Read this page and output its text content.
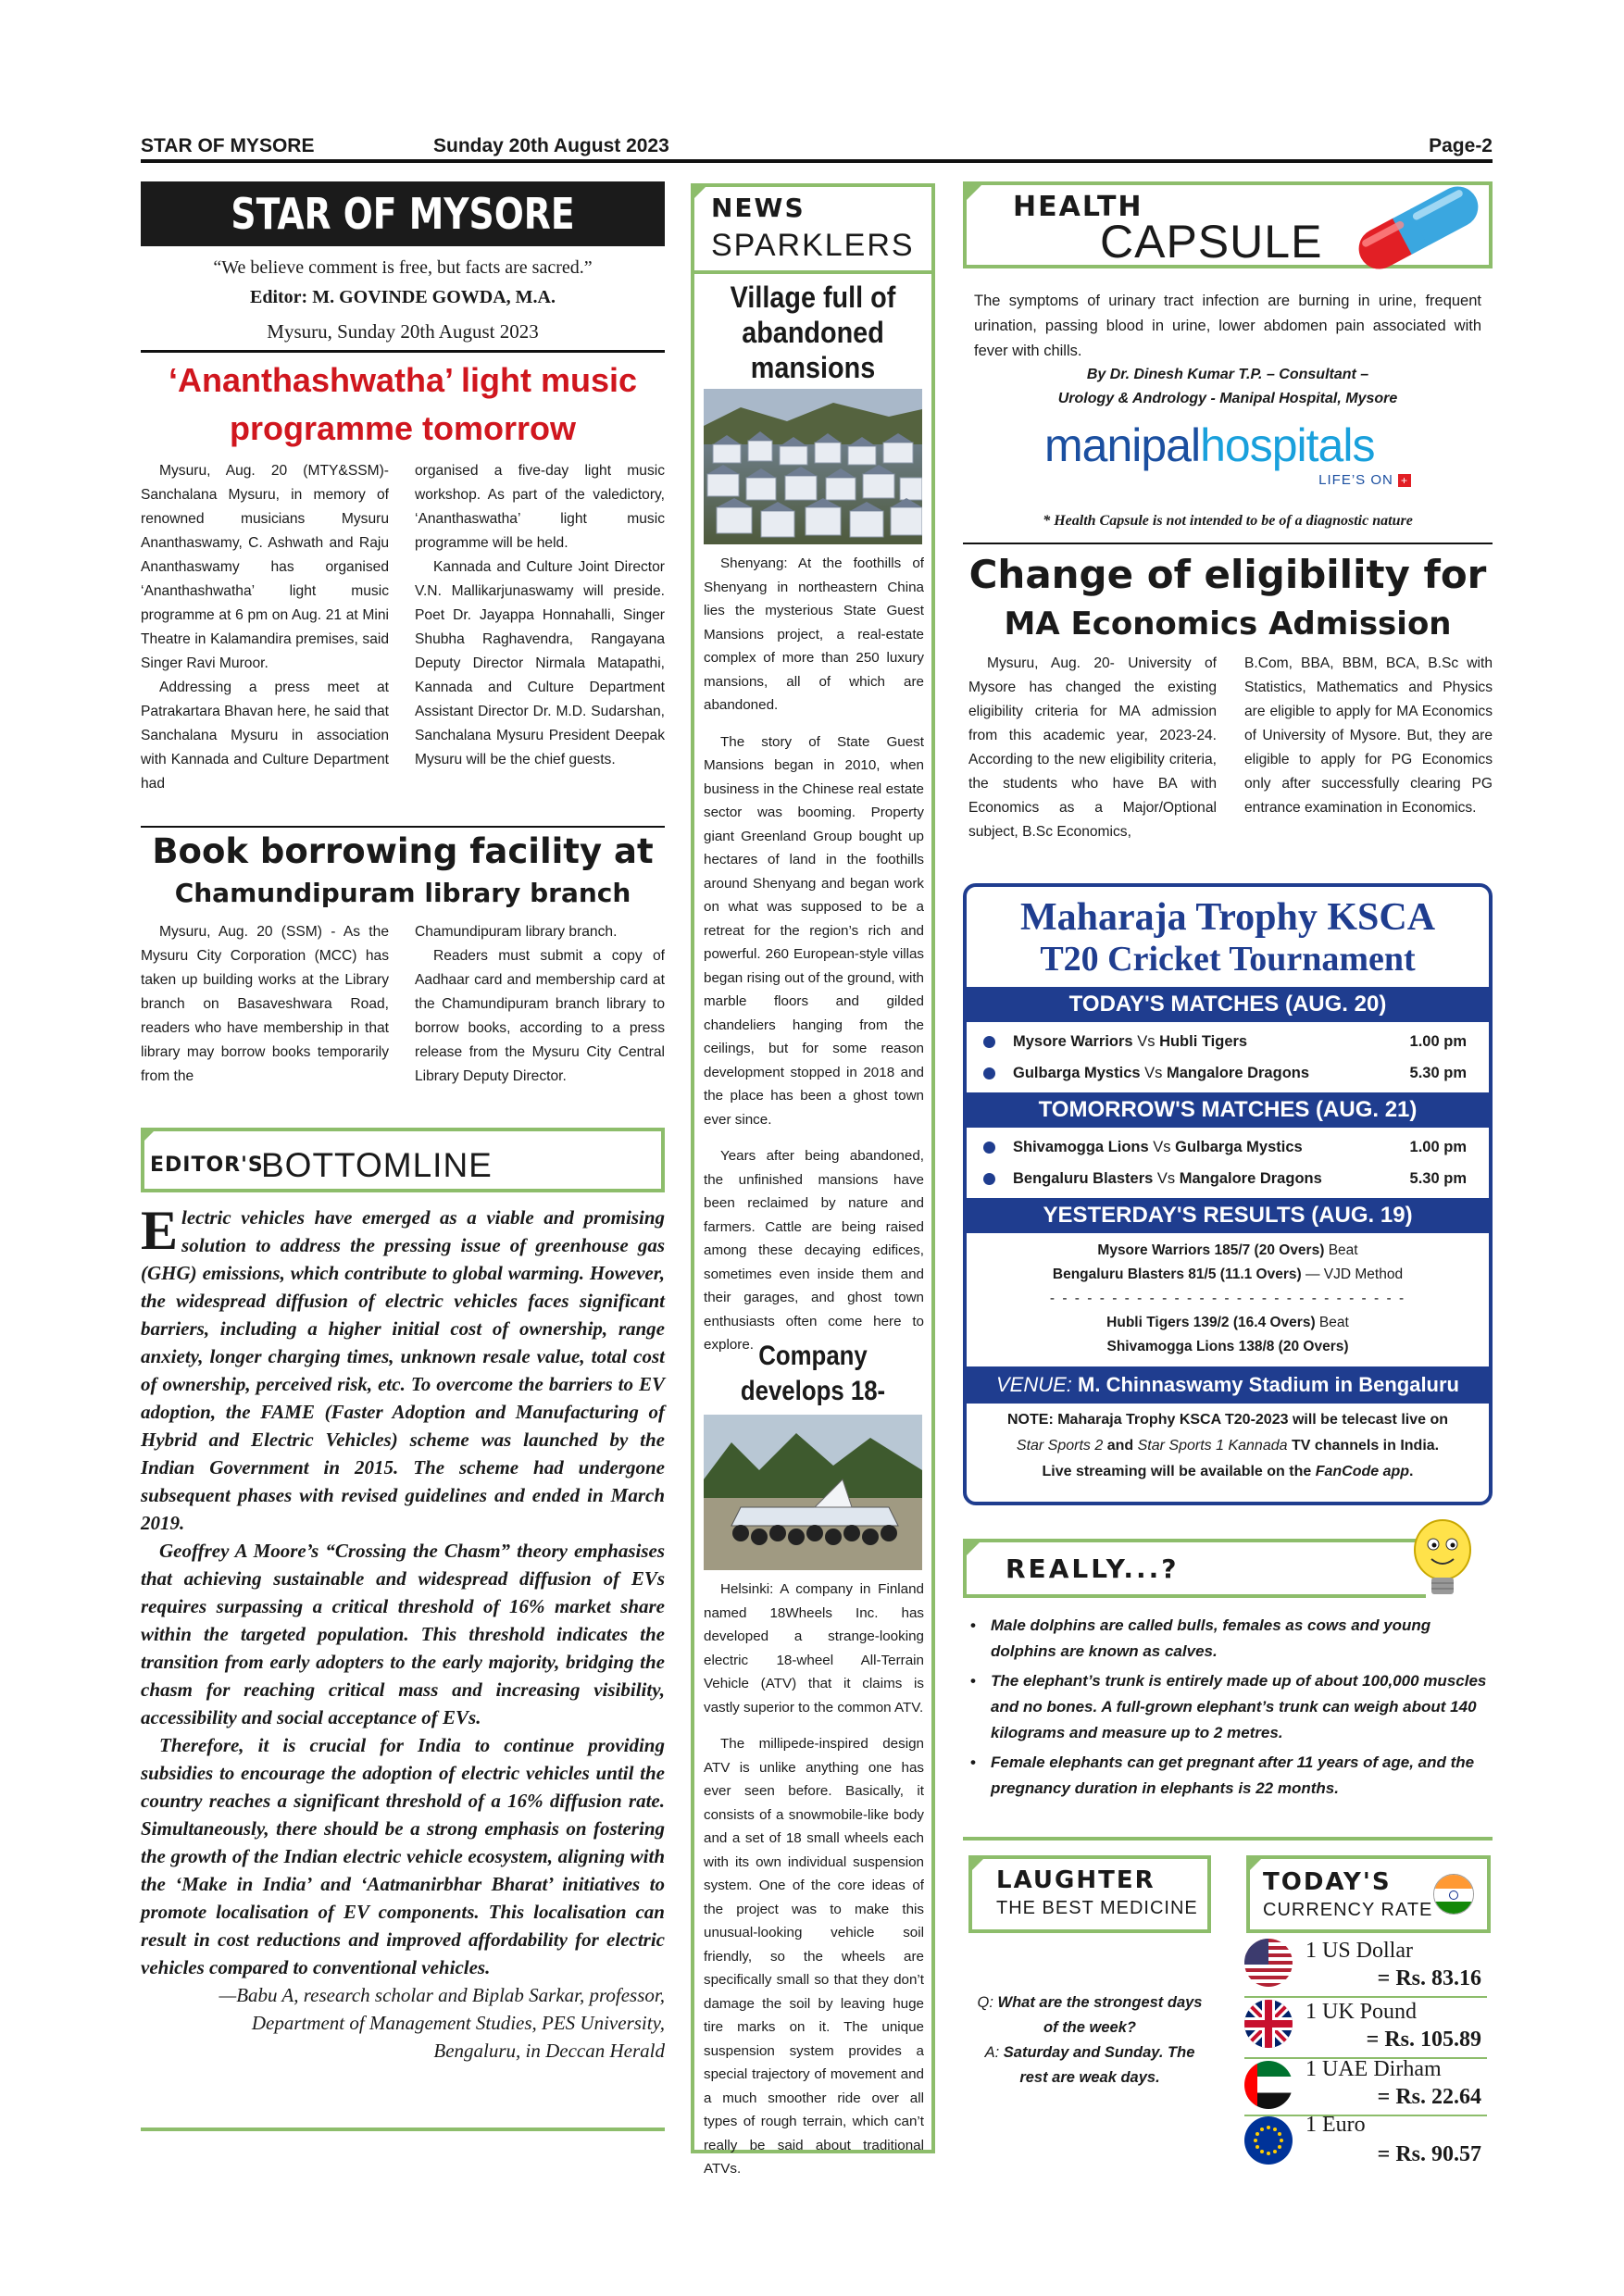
STAR OF MYSORE	Sunday 20th August 2023	Page-2
STAR OF MYSORE
“We believe comment is free, but facts are sacred.”
Editor: M. GOVINDE GOWDA, M.A.
Mysuru, Sunday 20th August 2023
‘Ananthashwatha’ light music
programme tomorrow

Mysuru, Aug. 20 (MTY&SSM)- Sanchalana Mysuru, in memory of renowned musicians Mysuru Ananthaswamy, C. Ashwath and Raju Ananthaswamy has organised ‘Ananthashwatha’ light music programme at 6 pm on Aug. 21 at Mini Theatre in Kalamandira premises, said Singer Ravi Muroor.

Addressing a press meet at Patrakartara Bhavan here, he said that Sanchalana Mysuru in association with Kannada and Culture Department had

organised a five-day light music workshop. As part of the valedictory, ‘Ananthaswatha’ light music programme will be held.

Kannada and Culture Joint Director V.N. Mallikarjunaswamy will preside. Poet Dr. Jayappa Honnahalli, Singer Shubha Raghavendra, Rangayana Deputy Director Nirmala Matapathi, Kannada and Culture Department Assistant Director Dr. M.D. Sudarshan, Sanchalana Mysuru President Deepak Mysuru will be the chief guests.

Book borrowing facility at
Chamundipuram library branch

Mysuru, Aug. 20 (SSM) - As the Mysuru City Corporation (MCC) has taken up building works at the Library branch on Basaveshwara Road, readers who have membership in that library may borrow books temporarily from the

Chamundipuram library branch.

Readers must submit a copy of Aadhaar card and membership card at the Chamundipuram branch library to borrow books, according to a press release from the Mysuru City Central Library Deputy Director.

EDITOR'S
BOTTOMLINE

Electric vehicles have emerged as a viable and promising solution to address the pressing issue of greenhouse gas (GHG) emissions, which contribute to global warming. However, the widespread diffusion of electric vehicles faces significant barriers, including a higher initial cost of ownership, range anxiety, longer charging times, unknown resale value, total cost of ownership, perceived risk, etc. To overcome the barriers to EV adoption, the FAME (Faster Adoption and Manufacturing of Hybrid and Electric Vehicles) scheme was launched by the Indian Government in 2015. The scheme had undergone subsequent phases with revised guidelines and ended in March 2019.

Geoffrey A Moore’s “Crossing the Chasm” theory emphasises that achieving sustainable and widespread diffusion of EVs requires surpassing a critical threshold of 16% market share within the targeted population. This threshold indicates the transition from early adopters to the early majority, bridging the chasm for reaching critical mass and increasing visibility, accessibility and social acceptance of EVs.

Therefore, it is crucial for India to continue providing subsidies to encourage the adoption of electric vehicles until the country reaches a significant threshold of a 16% diffusion rate. Simultaneously, there should be a strong emphasis on fostering the growth of the Indian electric vehicle ecosystem, aligning with the ‘Make in India’ and ‘Aatmanirbhar Bharat’ initiatives to promote localisation of EV components. This localisation can result in cost reductions and improved affordability for electric vehicles compared to conventional vehicles.

—Babu A, research scholar and Biplab Sarkar, professor, Department of Management Studies, PES University, Bengaluru, in Deccan Herald

NEWS
SPARKLERS
Village full of abandoned mansions

Shenyang: At the foothills of Shenyang in northeastern China lies the mysterious State Guest Mansions project, a real-estate complex of more than 250 luxury mansions, all of which are abandoned.

The story of State Guest Mansions began in 2010, when business in the Chinese real estate sector was booming. Property giant Greenland Group bought up hectares of land in the foothills around Shenyang and began work on what was supposed to be a retreat for the region’s rich and powerful. 260 European-style villas began rising out of the ground, with marble floors and gilded chandeliers hanging from the ceilings, but for some reason development stopped in 2018 and the place has been a ghost town ever since.

Years after being abandoned, the unfinished mansions have been reclaimed by nature and farmers. Cattle are being raised among these decaying edifices, sometimes even inside them and their garages, and ghost town enthusiasts often come here to explore. Company develops 18-

Helsinki: A company in Finland named 18Wheels Inc. has developed a strange-looking electric 18-wheel All-Terrain Vehicle (ATV) that it claims is vastly superior to the common ATV.

The millipede-inspired design ATV is unlike anything one has ever seen before. Basically, it consists of a snowmobile-like body and a set of 18 small wheels each with its own individual suspension system. One of the core ideas of the project was to make this unusual-looking vehicle soil friendly, so the wheels are specifically small so that they don’t damage the soil by leaving huge tire marks on it. The unique suspension system provides a special trajectory of movement and a much smoother ride over all types of rough terrain, which can’t really be said about traditional ATVs.

HEALTH
CAPSULE
The symptoms of urinary tract infection are burning in urine, frequent urination, passing blood in urine, lower abdomen pain associated with fever with chills.
By Dr. Dinesh Kumar T.P. – Consultant –
Urology & Andrology - Manipal Hospital, Mysore
manipalhospitals
LIFE’S ON +
* Health Capsule is not intended to be of a diagnostic nature
Change of eligibility for
MA Economics Admission
Mysuru, Aug. 20- University of Mysore has changed the existing eligibility criteria for MA admission from this academic year, 2023-24. According to the new eligibility criteria, the students who have BA with Economics as a Major/Optional subject, B.Sc Economics,
B.Com, BBA, BBM, BCA, B.Sc with Statistics, Mathematics and Physics are eligible to apply for MA Economics of University of Mysore. But, they are eligible to apply for PG Economics only after successfully clearing PG entrance examination in Economics.
Maharaja Trophy KSCA
T20 Cricket Tournament
TODAY'S MATCHES (AUG. 20)
Mysore Warriors Vs Hubli Tigers	1.00 pm
Gulbarga Mystics Vs Mangalore Dragons	5.30 pm
TOMORROW'S MATCHES (AUG. 21)
Shivamogga Lions Vs Gulbarga Mystics	1.00 pm
Bengaluru Blasters Vs Mangalore Dragons	5.30 pm
YESTERDAY'S RESULTS (AUG. 19)
Mysore Warriors 185/7 (20 Overs) Beat
Bengaluru Blasters 81/5 (11.1 Overs) — VJD Method
- - - - - - - - - - - - - - - - - - - - - - - - - - - - -
Hubli Tigers 139/2 (16.4 Overs) Beat
Shivamogga Lions 138/8 (20 Overs)
VENUE: M. Chinnaswamy Stadium in Bengaluru
NOTE: Maharaja Trophy KSCA T20-2023 will be telecast live on
Star Sports 2 and Star Sports 1 Kannada TV channels in India.
Live streaming will be available on the FanCode app.
REALLY...?
• Male dolphins are called bulls, females as cows and young dolphins are known as calves.
• The elephant’s trunk is entirely made up of about 100,000 muscles and no bones. A full-grown elephant’s trunk can weigh about 140 kilograms and measure up to 2 metres.
• Female elephants can get pregnant after 11 years of age, and the pregnancy duration in elephants is 22 months.
LAUGHTER
THE BEST MEDICINE
Q: What are the strongest days of the week?
A: Saturday and Sunday. The rest are weak days.
TODAY'S
CURRENCY RATE
1 US Dollar
= Rs. 83.16
1 UK Pound
= Rs. 105.89
1 UAE Dirham
= Rs. 22.64
1 Euro
= Rs. 90.57
